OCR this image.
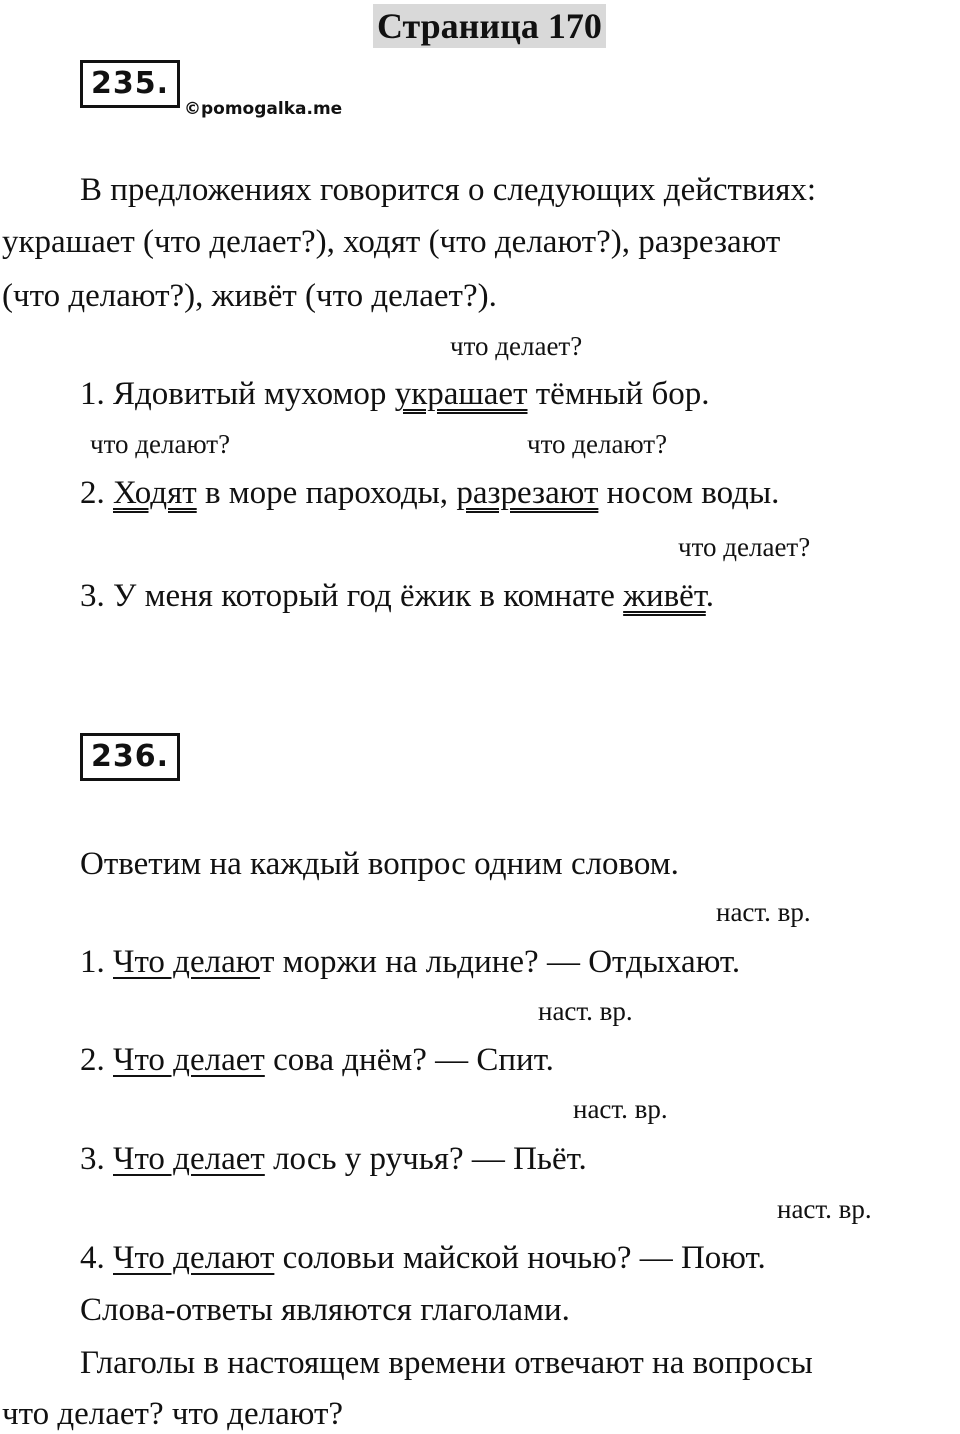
Страница 170
235.
©pomogalka.me
В предложениях говорится о следующих действиях:
украшает (что делает?), ходят (что делают?), разрезают
(что делают?), живёт (что делает?).
что делает?
1. Ядовитый мухомор украшает тёмный бор.
что делают?	что делают?
2. Ходят в море пароходы, разрезают носом воды.
что делает?
3. У меня который год ёжик в комнате живёт.
236.
Ответим на каждый вопрос одним словом.
наст. вр.
1. Что делают моржи на льдине? — Отдыхают.
наст. вр.
2. Что делает сова днём? — Спит.
наст. вр.
3. Что делает лось у ручья? — Пьёт.
наст. вр.
4. Что делают соловьи майской ночью? — Поют.
Слова-ответы являются глаголами.
Глаголы в настоящем времени отвечают на вопросы
что делает? что делают?
